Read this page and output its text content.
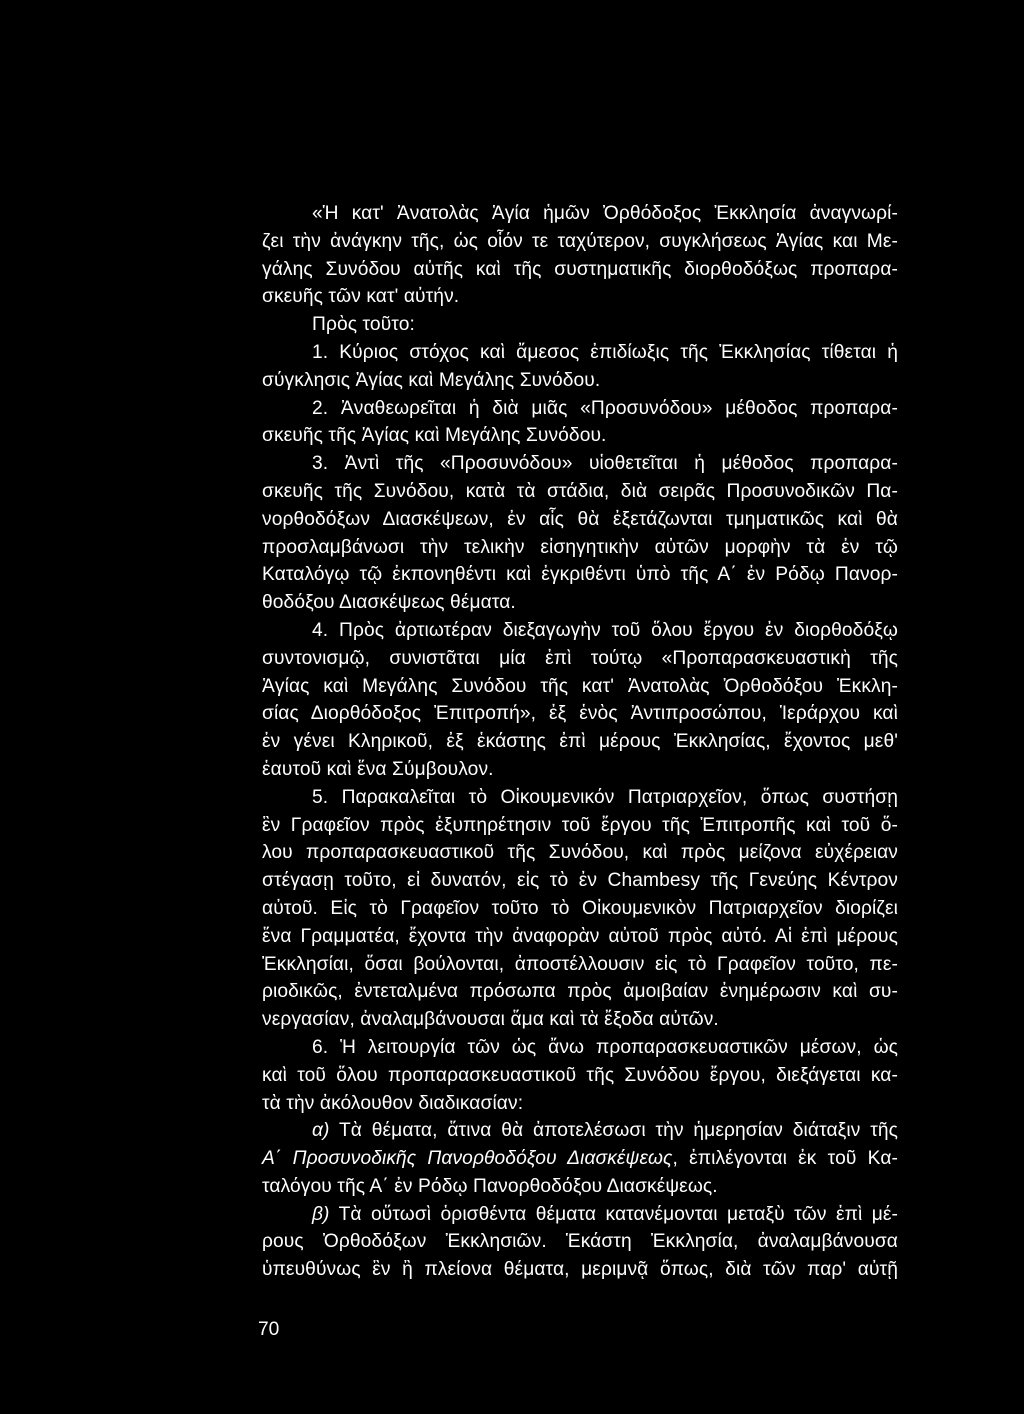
«Ἡ κατ' Ἀνατολὰς Ἁγία ἡμῶν Ὀρθόδοξος Ἐκκλησία ἀναγνωρί-
ζει τὴν ἀνάγκην τῆς, ὡς οἷόν τε ταχύτερον, συγκλήσεως Ἁγίας και Με-
γάλης Συνόδου αὐτῆς καὶ τῆς συστηματικῆς διορθοδόξως προπαρα-
σκευῆς τῶν κατ' αὐτήν.
Πρὸς τοῦτο:
1. Κύριος στόχος καὶ ἄμεσος ἐπιδίωξις τῆς Ἐκκλησίας τίθεται ἡ
σύγκλησις Ἁγίας καὶ Μεγάλης Συνόδου.
2. Ἀναθεωρεῖται ἡ διὰ μιᾶς «Προσυνόδου» μέθοδος προπαρα-
σκευῆς τῆς Ἁγίας καὶ Μεγάλης Συνόδου.
3. Ἀντὶ τῆς «Προσυνόδου» υἱοθετεῖται ἡ μέθοδος προπαρα-
σκευῆς τῆς Συνόδου, κατὰ τὰ στάδια, διὰ σειρᾶς Προσυνοδικῶν Πα-
νορθοδόξων Διασκέψεων, ἐν αἷς θὰ ἐξετάζωνται τμηματικῶς καὶ θὰ
προσλαμβάνωσι τὴν τελικὴν εἰσηγητικὴν αὐτῶν μορφὴν τὰ ἐν τῷ
Καταλόγῳ τῷ ἐκπονηθέντι καὶ ἐγκριθέντι ὑπὸ τῆς Α΄ ἐν Ρόδῳ Πανορ-
θοδόξου Διασκέψεως θέματα.
4. Πρὸς ἀρτιωτέραν διεξαγωγὴν τοῦ ὅλου ἔργου ἐν διορθοδόξῳ
συντονισμῷ, συνιστᾶται μία ἐπὶ τούτῳ «Προπαρασκευαστικὴ τῆς
Ἁγίας καὶ Μεγάλης Συνόδου τῆς κατ' Ἀνατολὰς Ὀρθοδόξου Ἐκκλη-
σίας Διορθόδοξος Ἐπιτροπή», ἐξ ἑνὸς Ἀντιπροσώπου, Ἱεράρχου καὶ
ἐν γένει Κληρικοῦ, ἐξ ἑκάστης ἐπὶ μέρους Ἐκκλησίας, ἔχοντος μεθ'
ἑαυτοῦ καὶ ἕνα Σύμβουλον.
5. Παρακαλεῖται τὸ Οἰκουμενικόν Πατριαρχεῖον, ὅπως συστήσῃ
ἓν Γραφεῖον πρὸς ἐξυπηρέτησιν τοῦ ἔργου τῆς Ἐπιτροπῆς καὶ τοῦ ὅ-
λου προπαρασκευαστικοῦ τῆς Συνόδου, καὶ πρὸς μείζονα εὐχέρειαν
στέγασῃ τοῦτο, εἰ δυνατόν, εἰς τὸ ἐν Chambesy τῆς Γενεύης Κέντρον
αὐτοῦ. Εἰς τὸ Γραφεῖον τοῦτο τὸ Οἰκουμενικὸν Πατριαρχεῖον διορίζει
ἕνα Γραμματέα, ἔχοντα τὴν ἀναφορὰν αὐτοῦ πρὸς αὐτό. Αἱ ἐπὶ μέρους
Ἐκκλησίαι, ὅσαι βούλονται, ἀποστέλλουσιν εἰς τὸ Γραφεῖον τοῦτο, πε-
ριοδικῶς, ἐντεταλμένα πρόσωπα πρὸς ἀμοιβαίαν ἐνημέρωσιν καὶ συ-
νεργασίαν, ἀναλαμβάνουσαι ἅμα καὶ τὰ ἔξοδα αὐτῶν.
6. Ἡ λειτουργία τῶν ὡς ἄνω προπαρασκευαστικῶν μέσων, ὡς
καὶ τοῦ ὅλου προπαρασκευαστικοῦ τῆς Συνόδου ἔργου, διεξάγεται κα-
τὰ τὴν ἀκόλουθον διαδικασίαν:
α) Τὰ θέματα, ἅτινα θὰ ἀποτελέσωσι τὴν ἡμερησίαν διάταξιν τῆς
Α΄ Προσυνοδικῆς Πανορθοδόξου Διασκέψεως, ἐπιλέγονται ἐκ τοῦ Κα-
ταλόγου τῆς Α΄ ἐν Ρόδῳ Πανορθοδόξου Διασκέψεως.
β) Τὰ οὕτωσὶ ὁρισθέντα θέματα κατανέμονται μεταξὺ τῶν ἐπὶ μέ-
ρους Ὀρθοδόξων Ἐκκλησιῶν. Ἑκάστη Ἐκκλησία, ἀναλαμβάνουσα
ὑπευθύνως ἓν ἢ πλείονα θέματα, μεριμνᾷ ὅπως, διὰ τῶν παρ' αὐτῇ
70
